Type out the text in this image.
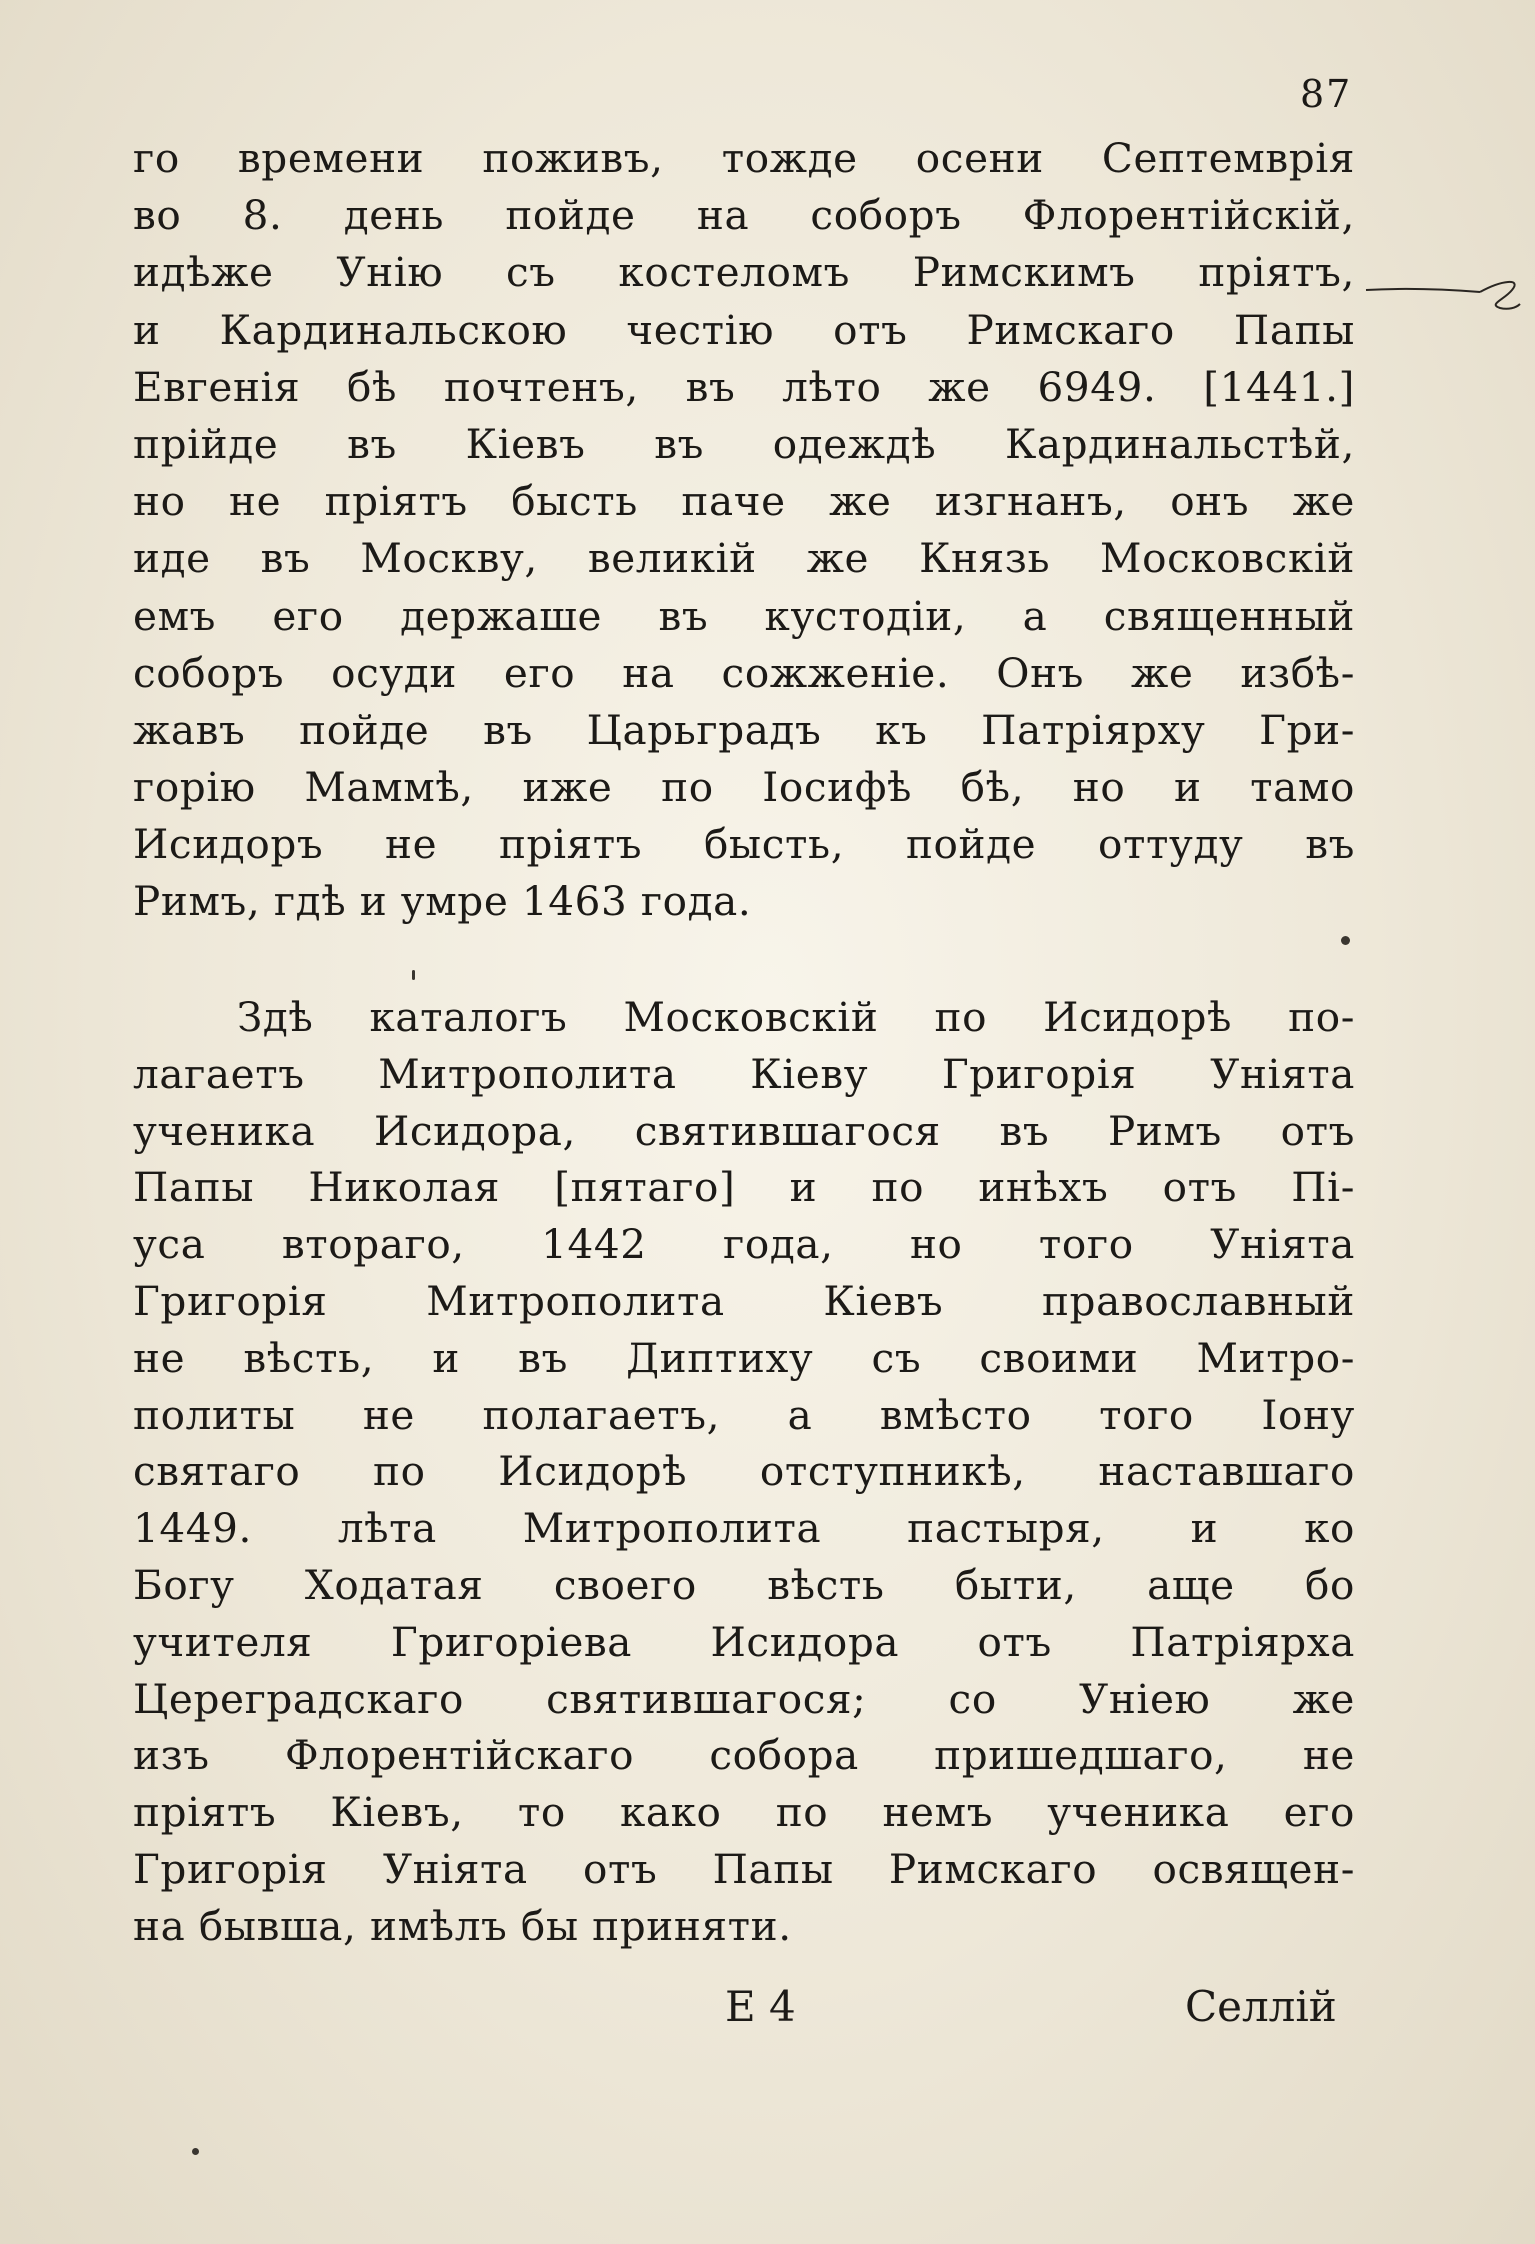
87
го времени поживъ, тожде осени Септемврiя
во 8. день пойде на соборъ Флорентiйскiй,
идѣже Унiю съ костеломъ Римскимъ прiятъ,
и Кардинальскою честiю отъ Римскаго Папы
Евгенiя бѣ почтенъ, въ лѣто же 6949. [1441.]
прiйде въ Кiевъ въ одеждѣ Кардинальстѣй,
но не прiятъ бысть паче же изгнанъ, онъ же
иде въ Москву, великiй же Князь Московскiй
емъ его держаше въ кустодiи, а священный
соборъ осуди его на сожженiе. Онъ же избѣ-
жавъ пойде въ Царьградъ къ Патрiярху Гри-
горiю Маммѣ, иже по Iосифѣ бѣ, но и тамо
Исидоръ не прiятъ бысть, пойде оттуду въ
Римъ, гдѣ и умре 1463 года.
Здѣ каталогъ Московскiй по Исидорѣ по-
лагаетъ Митрополита Кiеву Григорiя Унiята
ученика Исидора, святившагося въ Римъ отъ
Папы Николая [пятаго] и по инѣхъ отъ Пi-
уса втораго, 1442 года, но того Унiята
Григорiя Митрополита Кiевъ православный
не вѣсть, и въ Диптиху съ своими Митро-
политы не полагаетъ, а вмѣсто того Iону
святаго по Исидорѣ отступникѣ, наставшаго
1449. лѣта Митрополита пастыря, и ко
Богу Ходатая своего вѣсть быти, аще бо
учителя Григорiева Исидора отъ Патрiярха
Цереградскаго святившагося; со Унiею же
изъ Флорентiйскаго собора пришедшаго, не
прiятъ Кiевъ, то како по немъ ученика его
Григорiя Унiята отъ Папы Римскаго освящен-
на бывша, имѣлъ бы приняти.
Е 4	Селлiй
